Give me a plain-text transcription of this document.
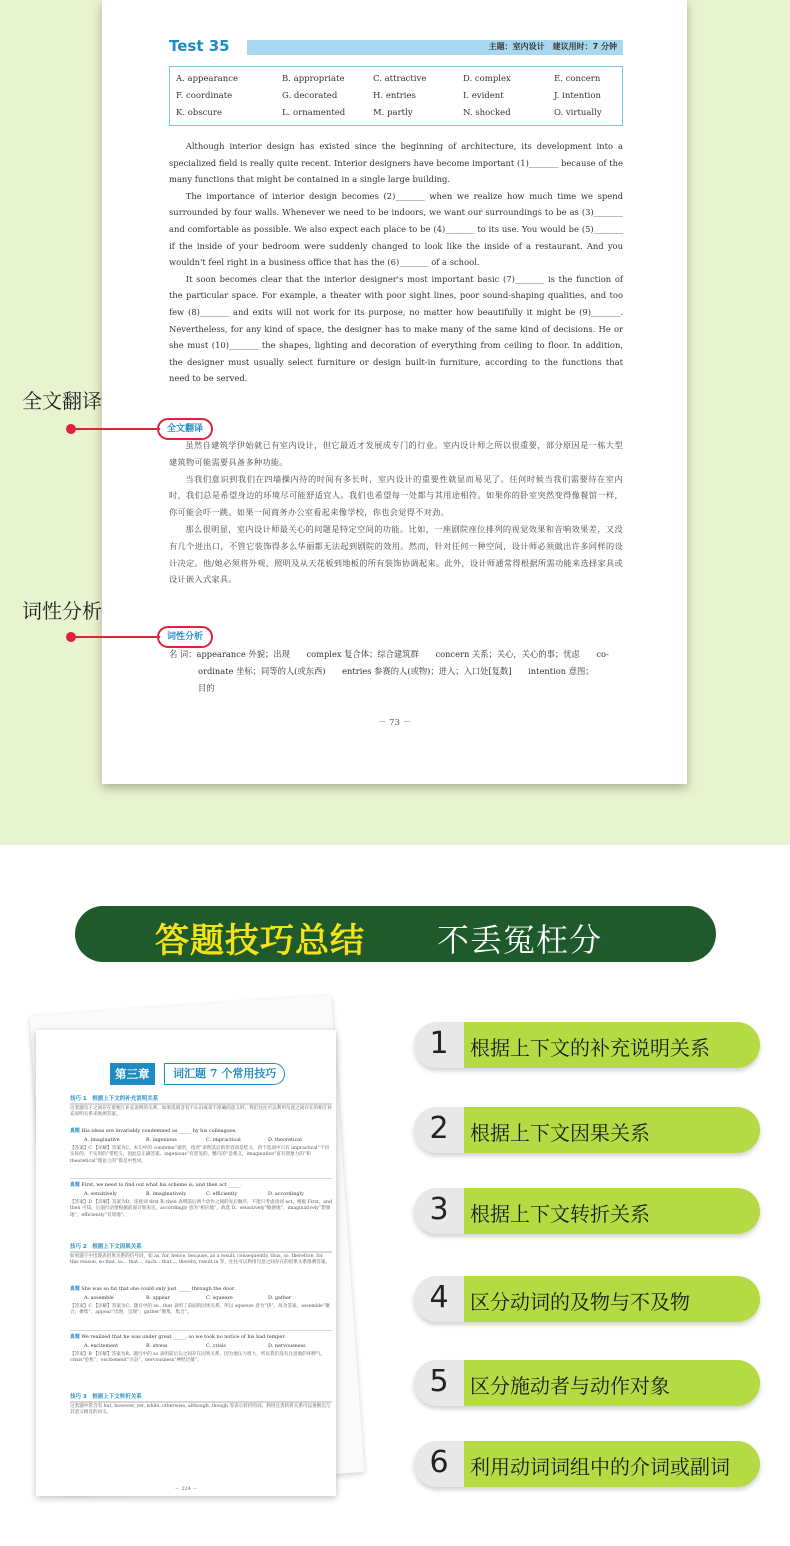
Test 35	主题：室内设计　建议用时：7 分钟
A. appearance	B. appropriate	C. attractive	D. complex	E. concern
F. coordinate	G. decorated	H. entries	I. evident	J. intention
K. obscure	L. ornamented	M. partly	N. shocked	O. virtually

Although interior design has existed since the beginning of architecture, its development into a specialized field is really quite recent. Interior designers have become important (1)_______ because of the many functions that might be contained in a single large building.

The importance of interior design becomes (2)_______ when we realize how much time we spend surrounded by four walls. Whenever we need to be indoors, we want our surroundings to be as (3)_______ and comfortable as possible. We also expect each place to be (4)_______ to its use. You would be (5)_______ if the inside of your bedroom were suddenly changed to look like the inside of a restaurant. And you wouldn't feel right in a business office that has the (6)_______ of a school.

It soon becomes clear that the interior designer's most important basic (7)_______ is the function of the particular space. For example, a theater with poor sight lines, poor sound-shaping qualities, and too few (8)_______ and exits will not work for its purpose, no matter how beautifully it might be (9)_______. Nevertheless, for any kind of space, the designer has to make many of the same kind of decisions. He or she must (10)_______ the shapes, lighting and decoration of everything from ceiling to floor. In addition, the designer must usually select furniture or design built-in furniture, according to the functions that need to be served.

全文翻译

虽然自建筑学伊始就已有室内设计，但它最近才发展成专门的行业。室内设计师之所以很重要，部分原因是一栋大型建筑物可能需要具备多种功能。

当我们意识到我们在四墙操内待的时间有多长时，室内设计的重要性就显而易见了。任何时候当我们需要待在室内时，我们总是希望身边的环境尽可能舒适宜人。我们也希望每一处都与其用途相符。如果你的卧室突然变得像餐馆一样，你可能会吓一跳。如果一间商务办公室看起来像学校，你也会觉得不对劲。

那么很明显，室内设计师最关心的问题是特定空间的功能。比如，一座剧院座位排列的视觉效果和音响效果差，又没有几个进出口，不管它装饰得多么华丽都无法起到剧院的效用。然而，针对任何一种空间，设计师必须做出许多同样的设计决定。他/她必须将外观、照明及从天花板到地板的所有装饰协调起来。此外，设计师通常得根据所需功能来选择家具或设计嵌入式家具。

词性分析
名 词：appearance 外貌；出现　　complex 复合体；综合建筑群　　concern 关系；关心，关心的事；忧虑　　co-
ordinate 坐标；同等的人(或东西)　　entries 参赛的人(或物)；进入；入口处[复数]　　intention 意图；
目的
－ 73 －
全文翻译
词性分析
答题技巧总结 不丢冤枉分
第三章	词汇题 7 个常用技巧
技巧 1　根据上下文的补充说明关系
这类题句子之间存在着相互补充说明的关系，如果选项含有不认识或拿不准确的意义时，我们往往可以利用句意之间存在的相互补充说明关系来推测答案。
真题 His ideas are invariably condemned as _____ by his colleagues.
A. imaginative	B. ingenious	C. impractical	D. theoretical
【答案】C 【详解】答案为C。本句中的 condemn“谴责，指责”表明其后的形容词是贬义，四个选项中只有 impractical“不切实际的，不实用的”带贬义，因此是正确答案。ingenious“有创见的，精巧的”是褒义，imaginative“富有想象力的”和 theoretical“理论上的”都是中性词。
真题 First, we need to find out what his scheme is, and then act _____.
A. sensitively	B. imaginatively	C. efficiently	D. accordingly
【答案】D 【详解】答案为D。连接词 first 和 then 表明前后两个动作之间的先后顺序，不能只考虑动词 act，根据 First，and then 可知，后面行动要根据前面计划来定。accordingly 意为“相应地”，故选 D。sensitively“敏感地”，imaginatively“想象地”，efficiently“有效地”。
技巧 2　根据上下文因果关系
如果题干中出现表因果关系的信号词，如 as, for, hence, because, as a result, consequently, thus, so, therefore, for this reason, so that, so... that..., such... that..., thereby, result in 等，往往可以利用句意之间存在的因果关系推测答案。
真题 She was so fat that she could only just _____ through the door.
A. assemble	B. appear	C. squeeze	D. gather
【答案】C 【详解】答案为C。题目中的 so...that 表明了前面的因果关系，所以 squeeze 意为“挤”，故为答案。assemble“聚合，聚集”，appear“出现，呈现”，gather“聚集，集合”。
真题 We realized that he was under great _____, so we took no notice of his bad temper.
A. excitement	B. stress	C. crisis	D. nervousness
【答案】B 【详解】答案为B。题目中的 so 表明前后句之间存在因果关系，因为他压力很大，所以我们没有注意他的坏脾气。crisis“危机”，excitement“兴奋”，nervousness“神经过敏”。
技巧 3　根据上下文转折关系
这类题中常含有 but, however, yet, while, otherwise, although, though 等表示转折的词，利用这类转折关系可以推断出与其意义相反的词义。
－ 224 －
1	根据上下文的补充说明关系
2	根据上下文因果关系
3	根据上下文转折关系
4	区分动词的及物与不及物
5	区分施动者与动作对象
6	利用动词词组中的介词或副词
